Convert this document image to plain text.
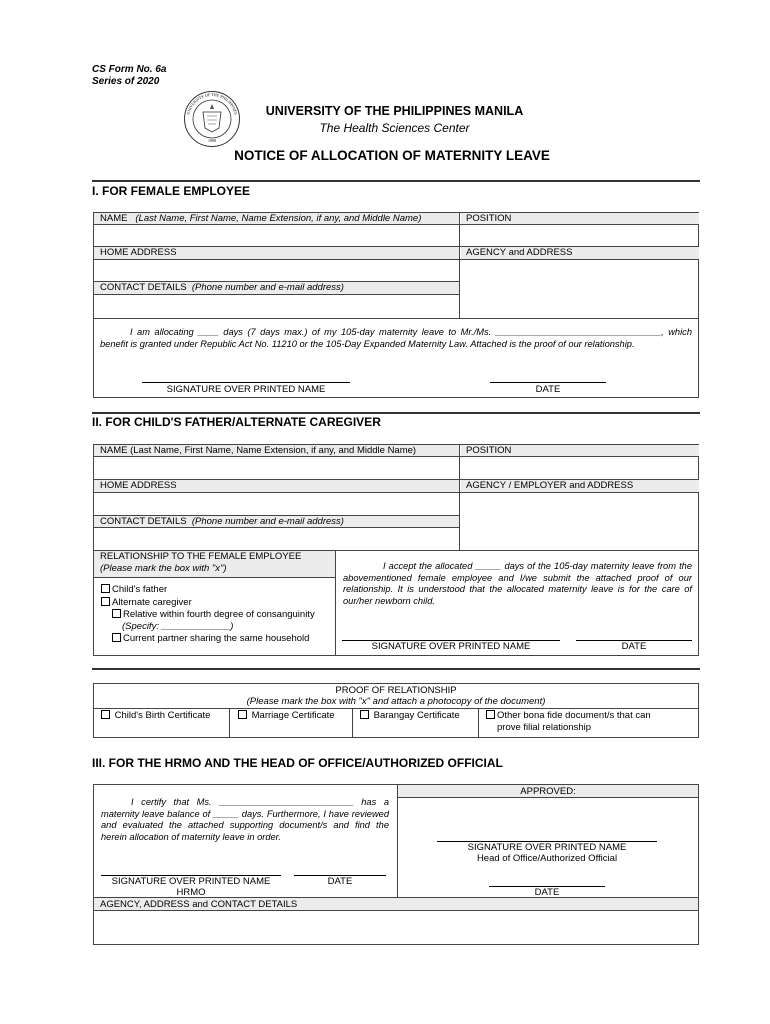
CS Form No. 6a
Series of 2020
1908
UNIVERSITY OF THE PHILIPPINES	UNIVERSITY OF THE PHILIPPINES MANILA
The Health Sciences Center
NOTICE OF ALLOCATION OF MATERNITY LEAVE
I. FOR FEMALE EMPLOYEE
NAME (Last Name, First Name, Name Extension, if any, and Middle Name)	POSITION
HOME ADDRESS	AGENCY and ADDRESS
CONTACT DETAILS (Phone number and e-mail address)
I am allocating ____ days (7 days max.) of my 105-day maternity leave to Mr./Ms. ________________________________, which benefit is granted under Republic Act No. 11210 or the 105-Day Expanded Maternity Law. Attached is the proof of our relationship.
SIGNATURE OVER PRINTED NAME	DATE
II. FOR CHILD'S FATHER/ALTERNATE CAREGIVER
NAME (Last Name, First Name, Name Extension, if any, and Middle Name)	POSITION
HOME ADDRESS	AGENCY / EMPLOYER and ADDRESS
CONTACT DETAILS (Phone number and e-mail address)
RELATIONSHIP TO THE FEMALE EMPLOYEE
(Please mark the box with "x")
Child's father
Alternate caregiver
Relative within fourth degree of consanguinity
(Specify: _____________)
Current partner sharing the same household
I accept the allocated _____ days of the 105-day maternity leave from the abovementioned female employee and I/we submit the attached proof of our relationship. It is understood that the allocated maternity leave is for the care of our/her newborn child.
SIGNATURE OVER PRINTED NAME	DATE
PROOF OF RELATIONSHIP
(Please mark the box with "x" and attach a photocopy of the document)
Child's Birth Certificate	Marriage Certificate	Barangay Certificate	Other bona fide document/s that can
prove filial relationship
III. FOR THE HRMO AND THE HEAD OF OFFICE/AUTHORIZED OFFICIAL
APPROVED:
I certify that Ms. __________________________ has a maternity leave balance of _____ days. Furthermore, I have reviewed and evaluated the attached supporting document/s and find the herein allocation of maternity leave in order.
SIGNATURE OVER PRINTED NAME
HRMO
DATE
SIGNATURE OVER PRINTED NAME
Head of Office/Authorized Official
DATE
AGENCY, ADDRESS and CONTACT DETAILS
